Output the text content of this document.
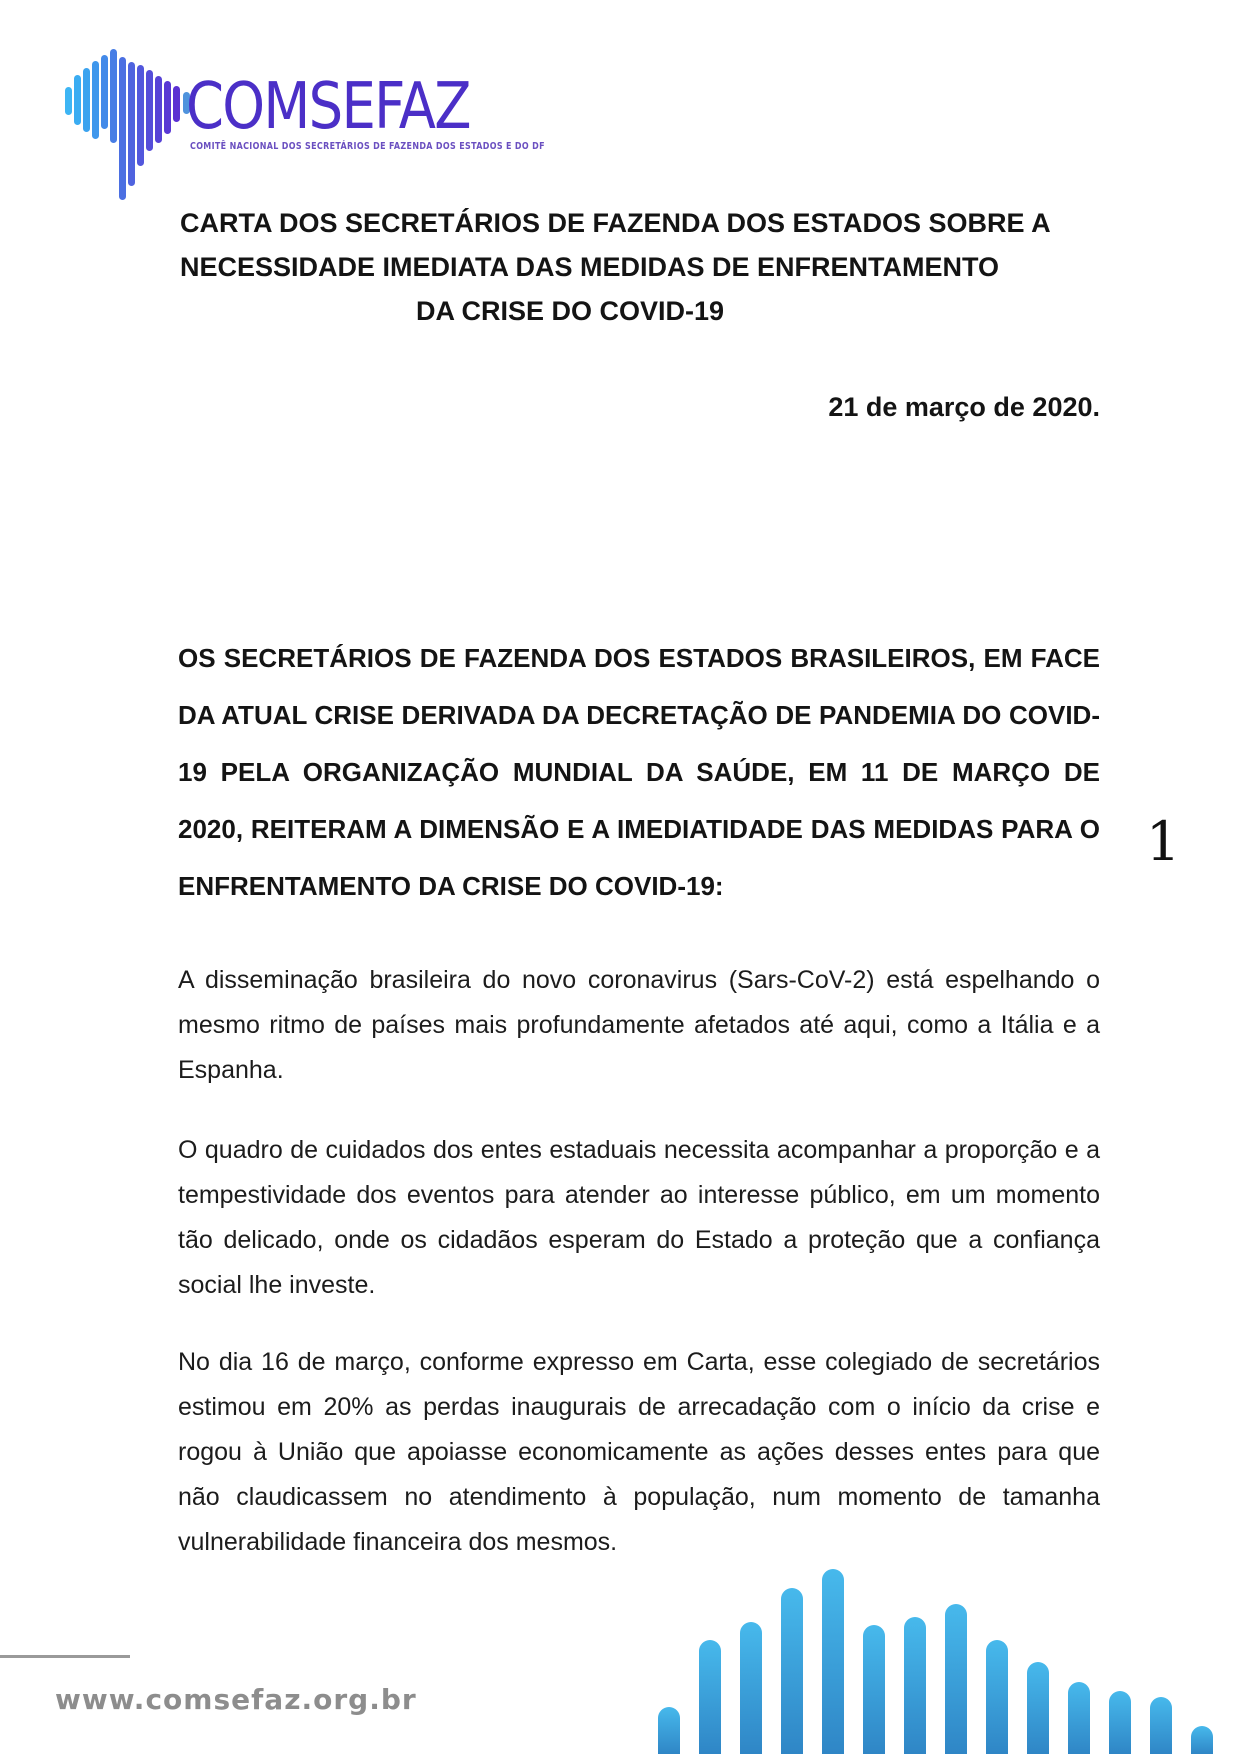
COMSEFAZ
COMITÊ NACIONAL DOS SECRETÁRIOS DE FAZENDA DOS ESTADOS E DO DF
CARTA DOS SECRETÁRIOS DE FAZENDA DOS ESTADOS SOBRE A
NECESSIDADE IMEDIATA DAS MEDIDAS DE ENFRENTAMENTO
DA CRISE DO COVID-19
21 de março de 2020.
OS SECRETÁRIOS DE FAZENDA DOS ESTADOS BRASILEIROS, EM FACE DA ATUAL CRISE DERIVADA DA DECRETAÇÃO DE PANDEMIA DO COVID-19 PELA ORGANIZAÇÃO MUNDIAL DA SAÚDE, EM 11 DE MARÇO DE 2020, REITERAM A DIMENSÃO E A IMEDIATIDADE DAS MEDIDAS PARA O ENFRENTAMENTO DA CRISE DO COVID-19:
A disseminação brasileira do novo coronavirus (Sars-CoV-2) está espelhando o mesmo ritmo de países mais profundamente afetados até aqui, como a Itália e a Espanha.
O quadro de cuidados dos entes estaduais necessita acompanhar a proporção e a tempestividade dos eventos para atender ao interesse público, em um momento tão delicado, onde os cidadãos esperam do Estado a proteção que a confiança social lhe investe.
No dia 16 de março, conforme expresso em Carta, esse colegiado de secretários estimou em 20% as perdas inaugurais de arrecadação com o início da crise e rogou à União que apoiasse economicamente as ações desses entes para que não claudicassem no atendimento à população, num momento de tamanha vulnerabilidade financeira dos mesmos.
1
www.comsefaz.org.br
